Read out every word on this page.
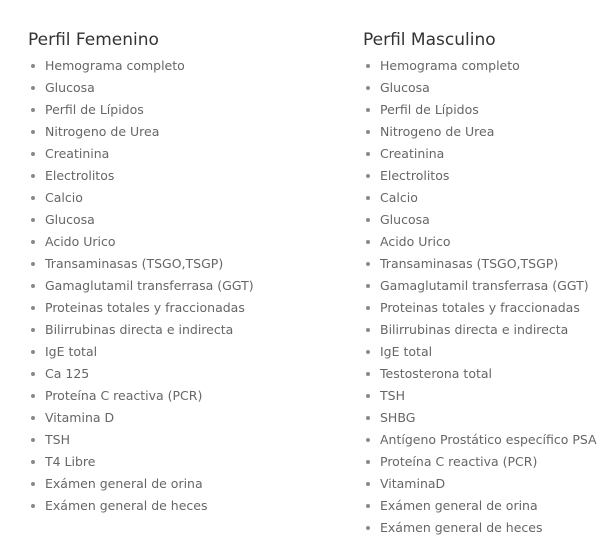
Perfil Femenino
Hemograma completo
Glucosa
Perfil de Lípidos
Nitrogeno de Urea
Creatinina
Electrolitos
Calcio
Glucosa
Acido Urico
Transaminasas (TSGO,TSGP)
Gamaglutamil transferrasa (GGT)
Proteinas totales y fraccionadas
Bilirrubinas directa e indirecta
IgE total
Ca 125
Proteína C reactiva (PCR)
Vitamina D
TSH
T4 Libre
Exámen general de orina
Exámen general de heces
Perfil Masculino
Hemograma completo
Glucosa
Perfil de Lípidos
Nitrogeno de Urea
Creatinina
Electrolitos
Calcio
Glucosa
Acido Urico
Transaminasas (TSGO,TSGP)
Gamaglutamil transferrasa (GGT)
Proteinas totales y fraccionadas
Bilirrubinas directa e indirecta
IgE total
Testosterona total
TSH
SHBG
Antígeno Prostático específico PSA
Proteína C reactiva (PCR)
VitaminaD
Exámen general de orina
Exámen general de heces
